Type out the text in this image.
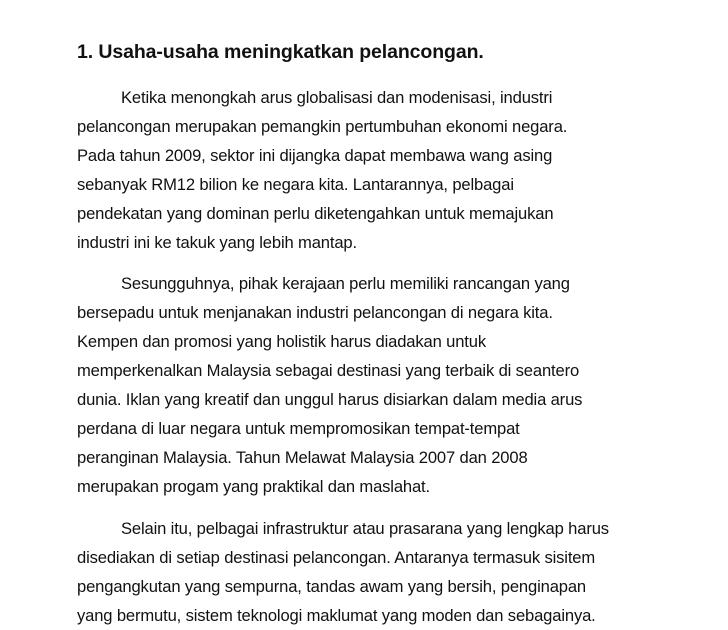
1. Usaha-usaha meningkatkan pelancongan.

Ketika menongkah arus globalisasi dan modenisasi, industri
pelancongan merupakan pemangkin pertumbuhan ekonomi negara.
Pada tahun 2009, sektor ini dijangka dapat membawa wang asing
sebanyak RM12 bilion ke negara kita. Lantarannya, pelbagai
pendekatan yang dominan perlu diketengahkan untuk memajukan
industri ini ke takuk yang lebih mantap.

Sesungguhnya, pihak kerajaan perlu memiliki rancangan yang
bersepadu untuk menjanakan industri pelancongan di negara kita.
Kempen dan promosi yang holistik harus diadakan untuk
memperkenalkan Malaysia sebagai destinasi yang terbaik di seantero
dunia. Iklan yang kreatif dan unggul harus disiarkan dalam media arus
perdana di luar negara untuk mempromosikan tempat-tempat
peranginan Malaysia. Tahun Melawat Malaysia 2007 dan 2008
merupakan progam yang praktikal dan maslahat.

Selain itu, pelbagai infrastruktur atau prasarana yang lengkap harus
disediakan di setiap destinasi pelancongan. Antaranya termasuk sisitem
pengangkutan yang sempurna, tandas awam yang bersih, penginapan
yang bermutu, sistem teknologi maklumat yang moden dan sebagainya.
